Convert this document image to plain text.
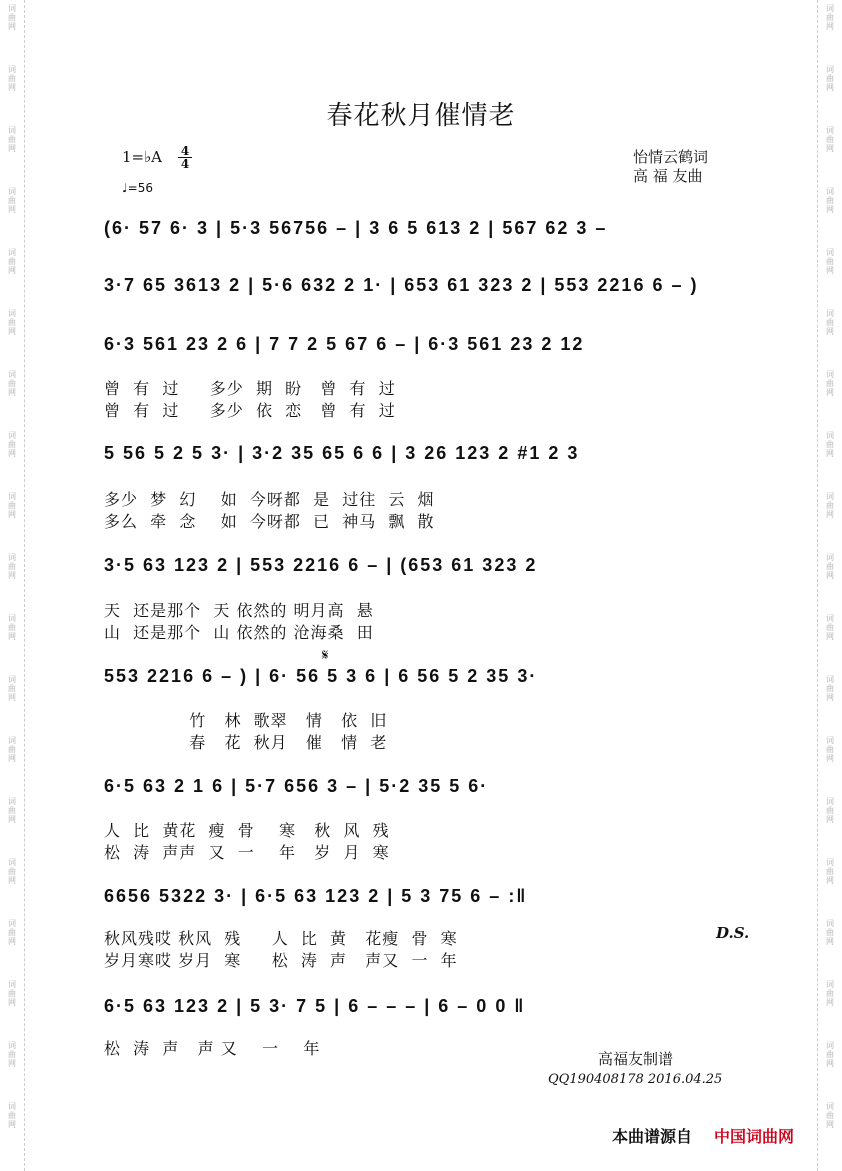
词
曲
网
词
曲
网
词
曲
网
词
曲
网
词
曲
网
词
曲
网
词
曲
网
词
曲
网
词
曲
网
词
曲
网
词
曲
网
词
曲
网
词
曲
网
词
曲
网
词
曲
网
词
曲
网
词
曲
网
词
曲
网
词
曲
网
词
曲
网
词
曲
网
词
曲
网
词
曲
网
词
曲
网
词
曲
网
词
曲
网
词
曲
网
词
曲
网
词
曲
网
词
曲
网
词
曲
网
词
曲
网
词
曲
网
词
曲
网
词
曲
网
词
曲
网
词
曲
网
词
曲
网
春花秋月催情老
1=♭A 4
4
♩=56
怡情云鹤词
高 福 友曲
(6· 57 6· 3 | 5·3 56756 – | 3 6 5 613 2 | 567 62 3 –
3·7 65 3613 2 | 5·6 632 2 1· | 653 61 323 2 | 553 2216 6 – )
6·3 561 23 2 6 | 7 7 2 5 67 6 – | 6·3 561 23 2 12
曾  有  过     多少  期  盼   曾  有  过
曾  有  过     多少  依  恋   曾  有  过
5 56 5 2 5 3· | 3·2 35 65 6 6 | 3 26 123 2 #1 2 3
多少  梦  幻    如  今呀都  是  过往  云  烟
多么  牵  念    如  今呀都  已  神马  飘  散
3·5 63 123 2 | 553 2216 6 – | (653 61 323 2
天  还是那个  天 依然的 明月高  悬
山  还是那个  山 依然的 沧海桑  田
𝄋
553 2216 6 – ) | 6· 56 5 3 6 | 6 56 5 2 35 3·
竹   林  歌翠   情   依  旧
春   花  秋月   催   情  老
6·5 63 2 1 6 | 5·7 656 3 – | 5·2 35 5 6·
人  比  黄花  瘦  骨    寒   秋  风  残
松  涛  声声  又  一    年   岁  月  寒
6656 5322 3· | 6·5 63 123 2 | 5 3 75 6 – :‖
秋风残哎 秋风  残     人  比  黄   花瘦  骨  寒
岁月寒哎 岁月  寒     松  涛  声   声又  一  年
D.S.
6·5 63 123 2 | 5 3· 7 5 | 6 – – – | 6 – 0 0 ‖
松  涛  声   声 又    一    年
高福友制谱
QQ190408178 2016.04.25
本曲谱源自 中国词曲网
